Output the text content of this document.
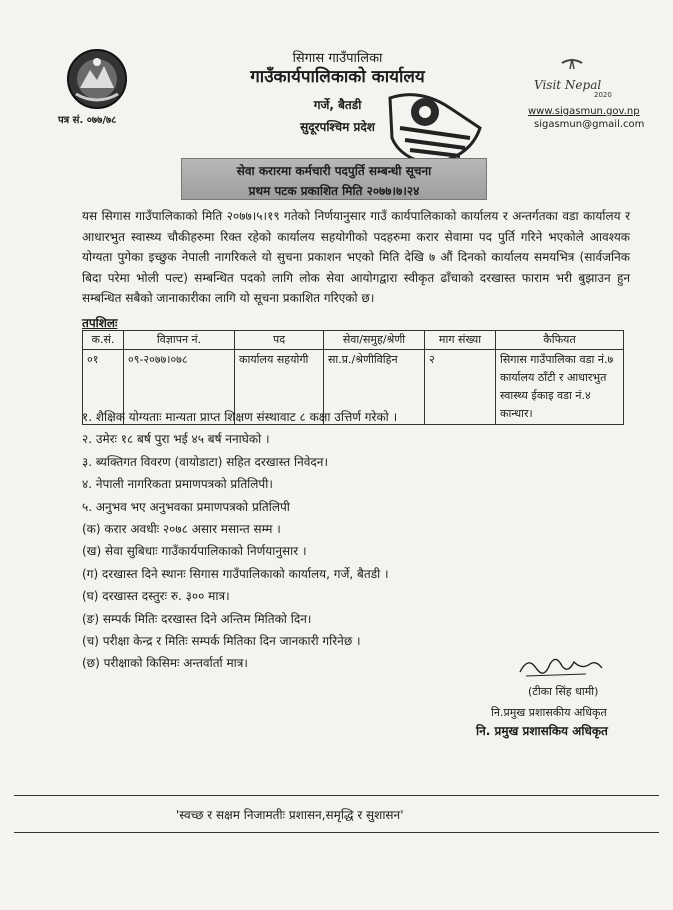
पत्र सं. ०७७/७८
सिगास गाउँपालिका
गाउँकार्यपालिकाको कार्यालय
गर्जे, बैतडी
सुदूरपश्चिम प्रदेश
Visit Nepal
2020
www.sigasmun.gov.np
sigasmun@gmail.com
सेवा करारमा कर्मचारी पदपुर्ति सम्बन्धी सूचना
प्रथम पटक प्रकाशित मिति २०७७।७।२४
यस सिगास गाउँपालिकाको मिति २०७७।५।१९ गतेको निर्णयानुसार गाउँ कार्यपालिकाको कार्यालय र अन्तर्गतका वडा कार्यालय र आधारभुत स्वास्थ्य चौकीहरुमा रिक्त रहेको कार्यालय सहयोगीको पदहरुमा करार सेवामा पद पुर्ति गरिने भएकोले आवश्यक योग्यता पुगेका इच्छुक नेपाली नागरिकले यो सुचना प्रकाशन भएको मिति देखि ७ औं दिनको कार्यालय समयभित्र (सार्वजनिक बिदा परेमा भोली पल्ट) सम्बन्धित पदको लागि लोक सेवा आयोगद्वारा स्वीकृत ढाँचाको दरखास्त फाराम भरी बुझाउन हुन सम्बन्धित सबैको जानाकारीका लागि यो सूचना प्रकाशित गरिएको छ।
तपशिलः
क.सं.	विज्ञापन नं.	पद	सेवा/समुह/श्रेणी	माग संख्या	कैफियत
०१	०९-२०७७।०७८	कार्यालय सहयोगी	सा.प्र./श्रेणीविहिन	२	सिगास गाउँपालिका वडा नं.७ कार्यालय ठाँटी र आधारभुत स्वास्थ्य ईकाइ वडा नं.४ कान्धार।
१. शैक्षिक योग्यताः मान्यता प्राप्त शिक्षण संस्थावाट ८ कक्षा उत्तिर्ण गरेको ।
२. उमेरः १८ बर्ष पुरा भई ४५ बर्ष ननाघेको ।
३. ब्यक्तिगत विवरण (वायोडाटा) सहित दरखास्त निवेदन।
४. नेपाली नागरिकता प्रमाणपत्रको प्रतिलिपी।
५. अनुभव भए अनुभवका प्रमाणपत्रको प्रतिलिपी
(क) करार अवधीः २०७८ असार मसान्त सम्म ।
(ख) सेवा सुबिधाः गाउँकार्यपालिकाको निर्णयानुसार ।
(ग) दरखास्त दिने स्थानः सिगास गाउँपालिकाको कार्यालय, गर्जे, बैतडी ।
(घ) दरखास्त दस्तुरः रु. ३०० मात्र।
(ङ) सम्पर्क मितिः दरखास्त दिने अन्तिम मितिको दिन।
(च) परीक्षा केन्द्र र मितिः सम्पर्क मितिका दिन जानकारी गरिनेछ ।
(छ) परीक्षाको किसिमः अन्तर्वार्ता मात्र।
(टीका सिंह धामी)
नि.प्रमुख प्रशासकीय अधिकृत
नि. प्रमुख प्रशासकिय अधिकृत
'स्वच्छ र सक्षम निजामतीः प्रशासन,समृद्धि र सुशासन'
